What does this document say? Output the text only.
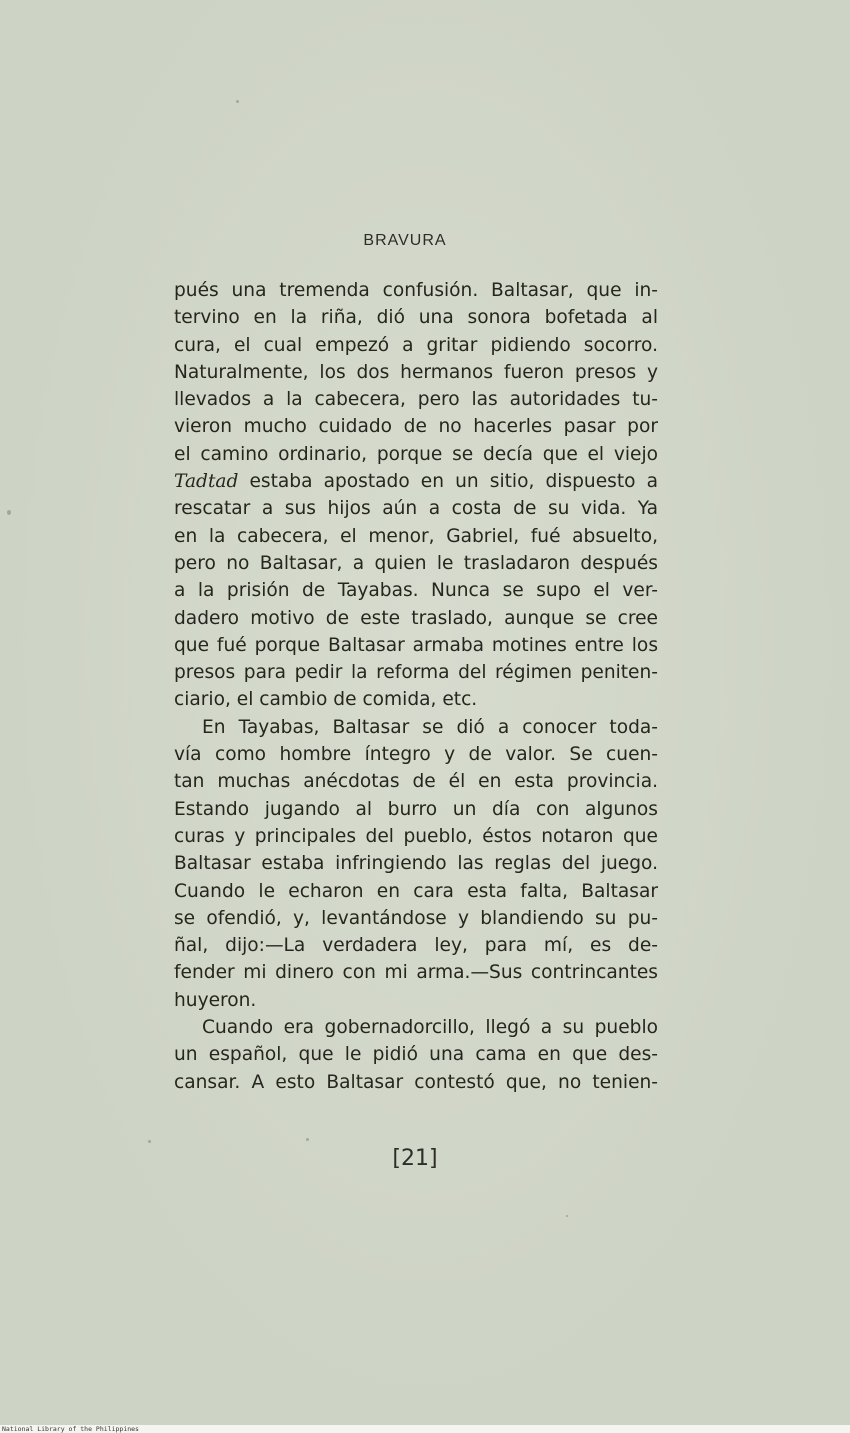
BRAVURA
pués una tremenda confusión. Baltasar, que in-
tervino en la riña, dió una sonora bofetada al
cura, el cual empezó a gritar pidiendo socorro.
Naturalmente, los dos hermanos fueron presos y
llevados a la cabecera, pero las autoridades tu-
vieron mucho cuidado de no hacerles pasar por
el camino ordinario, porque se decía que el viejo
Tadtad estaba apostado en un sitio, dispuesto a
rescatar a sus hijos aún a costa de su vida. Ya
en la cabecera, el menor, Gabriel, fué absuelto,
pero no Baltasar, a quien le trasladaron después
a la prisión de Tayabas. Nunca se supo el ver-
dadero motivo de este traslado, aunque se cree
que fué porque Baltasar armaba motines entre los
presos para pedir la reforma del régimen peniten-
ciario, el cambio de comida, etc.
En Tayabas, Baltasar se dió a conocer toda-
vía como hombre íntegro y de valor. Se cuen-
tan muchas anécdotas de él en esta provincia.
Estando jugando al burro un día con algunos
curas y principales del pueblo, éstos notaron que
Baltasar estaba infringiendo las reglas del juego.
Cuando le echaron en cara esta falta, Baltasar
se ofendió, y, levantándose y blandiendo su pu-
ñal, dijo:—La verdadera ley, para mí, es de-
fender mi dinero con mi arma.—Sus contrincantes
huyeron.
Cuando era gobernadorcillo, llegó a su pueblo
un español, que le pidió una cama en que des-
cansar. A esto Baltasar contestó que, no tenien-
[21]
National Library of the Philippines
